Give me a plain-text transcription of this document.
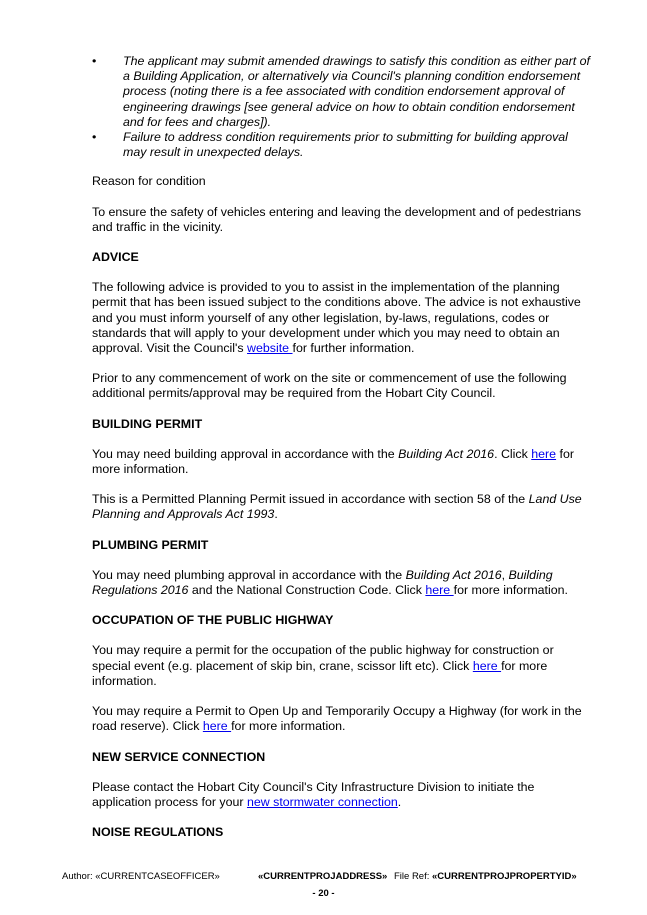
• The applicant may submit amended drawings to satisfy this condition as either part of a Building Application, or alternatively via Council's planning condition endorsement process (noting there is a fee associated with condition endorsement approval of engineering drawings [see general advice on how to obtain condition endorsement and for fees and charges]).
• Failure to address condition requirements prior to submitting for building approval may result in unexpected delays.

Reason for condition

To ensure the safety of vehicles entering and leaving the development and of pedestrians and traffic in the vicinity.

ADVICE

The following advice is provided to you to assist in the implementation of the planning permit that has been issued subject to the conditions above. The advice is not exhaustive and you must inform yourself of any other legislation, by-laws, regulations, codes or standards that will apply to your development under which you may need to obtain an approval. Visit the Council's website for further information.

Prior to any commencement of work on the site or commencement of use the following additional permits/approval may be required from the Hobart City Council.

BUILDING PERMIT

You may need building approval in accordance with the Building Act 2016. Click here for more information.

This is a Permitted Planning Permit issued in accordance with section 58 of the Land Use Planning and Approvals Act 1993.

PLUMBING PERMIT

You may need plumbing approval in accordance with the Building Act 2016, Building Regulations 2016 and the National Construction Code. Click here for more information.

OCCUPATION OF THE PUBLIC HIGHWAY

You may require a permit for the occupation of the public highway for construction or special event (e.g. placement of skip bin, crane, scissor lift etc). Click here for more information.

You may require a Permit to Open Up and Temporarily Occupy a Highway (for work in the road reserve). Click here for more information.

NEW SERVICE CONNECTION

Please contact the Hobart City Council's City Infrastructure Division to initiate the application process for your new stormwater connection.

NOISE REGULATIONS
Author: «CURRENTCASEOFFICER»	«CURRENTPROJADDRESS» File Ref: «CURRENTPROJPROPERTYID»
- 20 -
